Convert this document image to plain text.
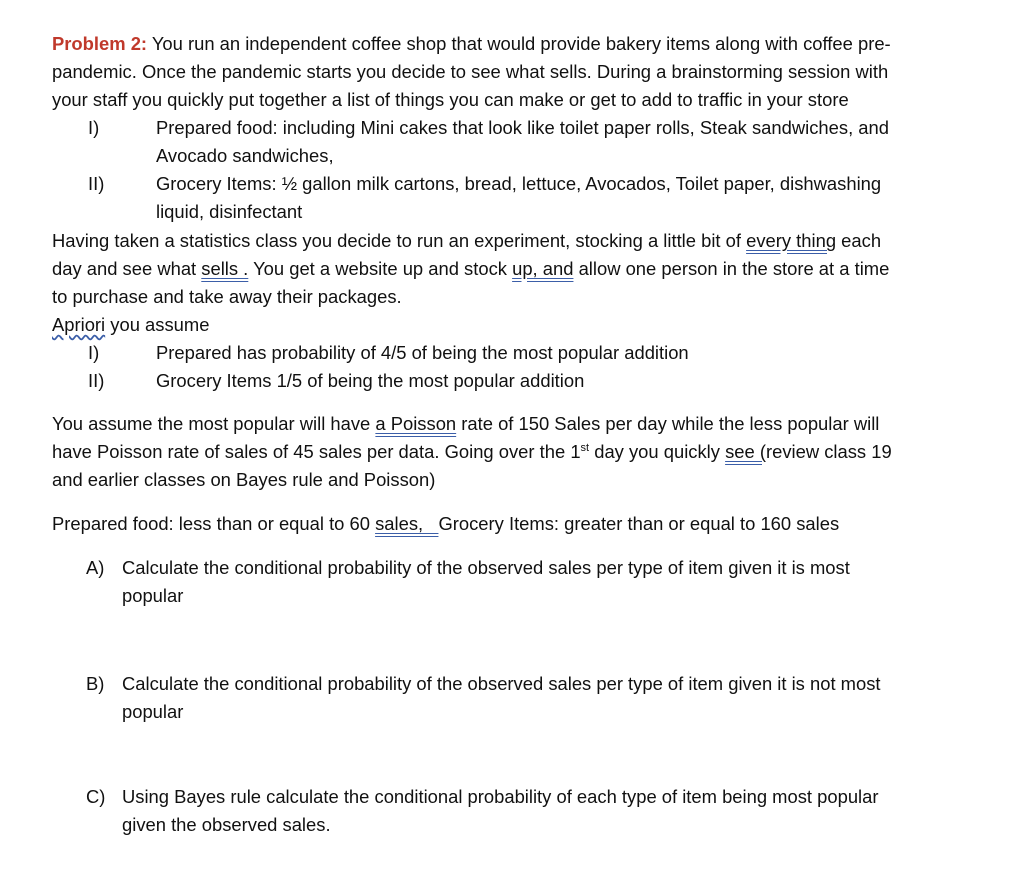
Problem 2: You run an independent coffee shop that would provide bakery items along with coffee pre-
pandemic. Once the pandemic starts you decide to see what sells. During a brainstorming session with
your staff you quickly put together a list of things you can make or get to add to traffic in your store
I)	Prepared food: including Mini cakes that look like toilet paper rolls, Steak sandwiches, and
Avocado sandwiches,
II)	Grocery Items: ½ gallon milk cartons, bread, lettuce, Avocados, Toilet paper, dishwashing
liquid, disinfectant
Having taken a statistics class you decide to run an experiment, stocking a little bit of every thing each
day and see what sells . You get a website up and stock up, and allow one person in the store at a time
to purchase and take away their packages.
Apriori you assume
I)	Prepared has probability of 4/5 of being the most popular addition
II)	Grocery Items 1/5 of being the most popular addition
You assume the most popular will have a Poisson rate of 150 Sales per day while the less popular will
have Poisson rate of sales of 45 sales per data. Going over the 1st day you quickly see (review class 19
and earlier classes on Bayes rule and Poisson)
Prepared food: less than or equal to 60 sales,   Grocery Items: greater than or equal to 160 sales
A) Calculate the conditional probability of the observed sales per type of item given it is most
popular
B) Calculate the conditional probability of the observed sales per type of item given it is not most
popular
C) Using Bayes rule calculate the conditional probability of each type of item being most popular
given the observed sales.
